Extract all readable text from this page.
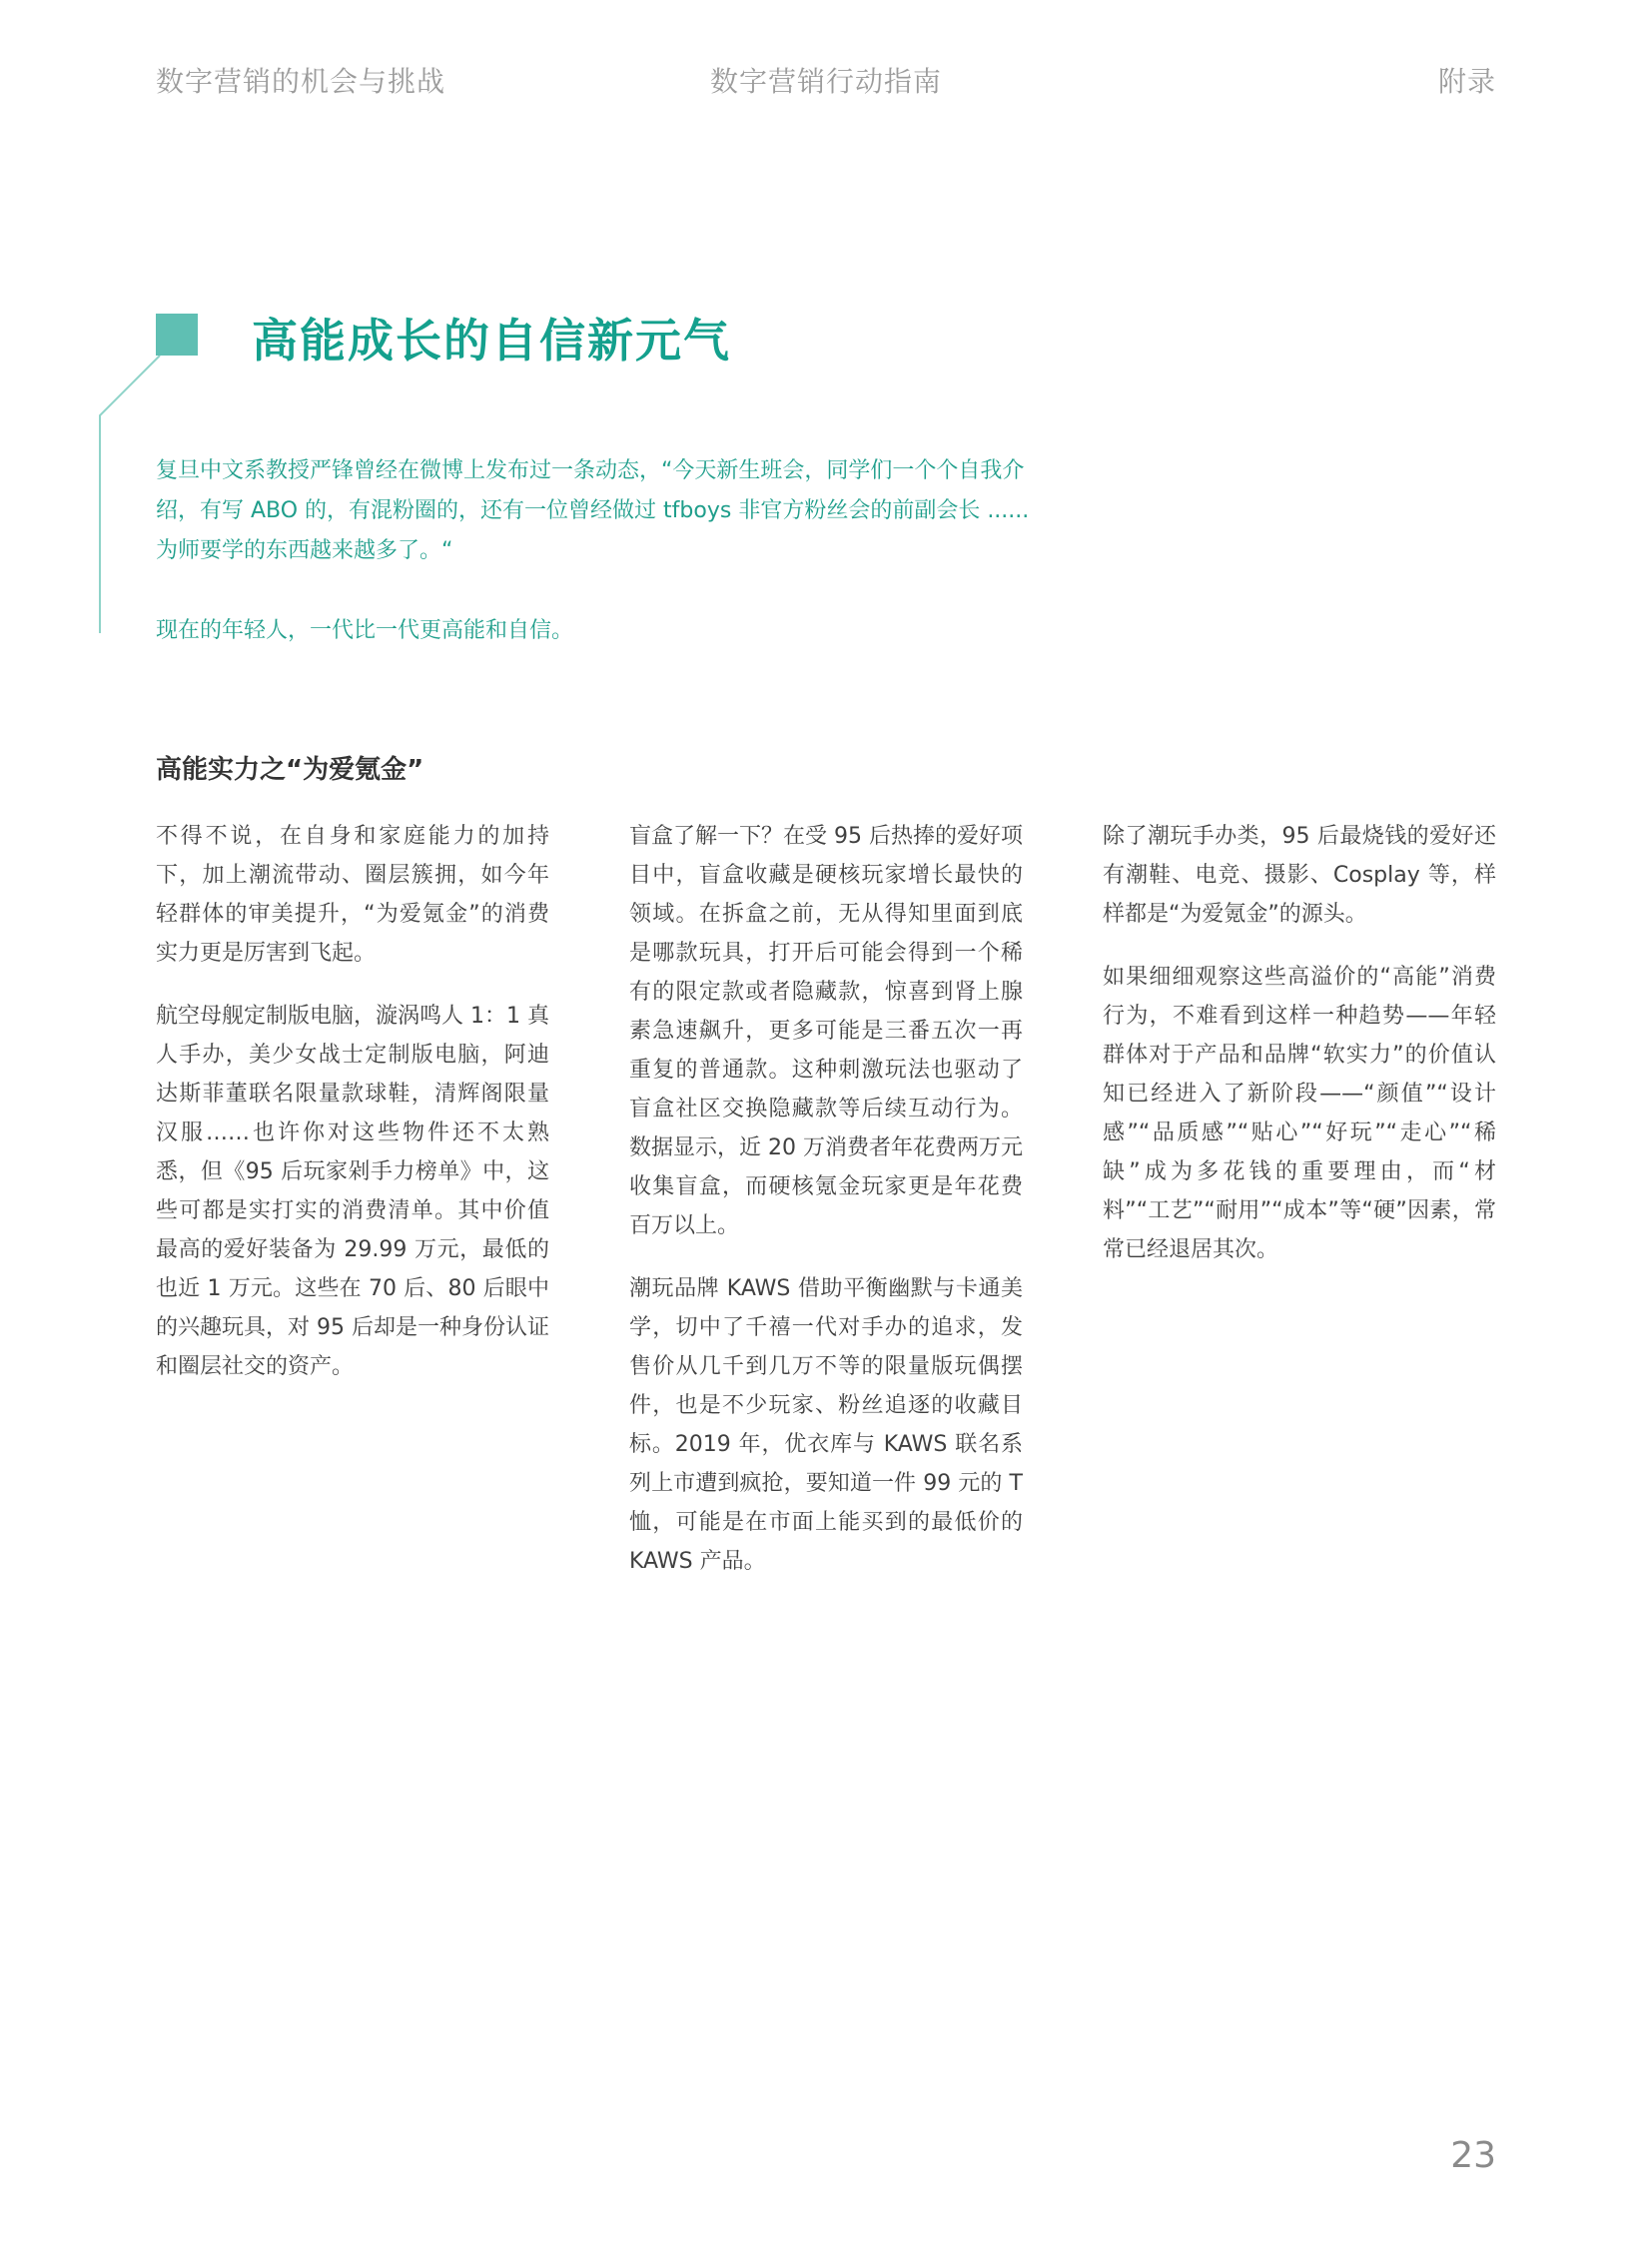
数字营销的机会与挑战	数字营销行动指南	附录
高能成长的自信新元气

复旦中文系教授严锋曾经在微博上发布过一条动态，“今天新生班会，同学们一个个自我介绍，有写 ABO 的，有混粉圈的，还有一位曾经做过 tfboys 非官方粉丝会的前副会长 ...... 为师要学的东西越来越多了。“

现在的年轻人，一代比一代更高能和自信。

高能实力之“为爱氪金”

不得不说，在自身和家庭能力的加持下，加上潮流带动、圈层簇拥，如今年轻群体的审美提升，“为爱氪金”的消费实力更是厉害到飞起。

航空母舰定制版电脑，漩涡鸣人 1：1 真人手办，美少女战士定制版电脑，阿迪达斯菲董联名限量款球鞋，清辉阁限量汉服……也许你对这些物件还不太熟悉，但《95 后玩家剁手力榜单》中，这些可都是实打实的消费清单。其中价值最高的爱好装备为 29.99 万元，最低的也近 1 万元。这些在 70 后、80 后眼中的兴趣玩具，对 95 后却是一种身份认证和圈层社交的资产。

盲盒了解一下？在受 95 后热捧的爱好项目中，盲盒收藏是硬核玩家增长最快的领域。在拆盒之前，无从得知里面到底是哪款玩具，打开后可能会得到一个稀有的限定款或者隐藏款，惊喜到肾上腺素急速飙升，更多可能是三番五次一再重复的普通款。这种刺激玩法也驱动了盲盒社区交换隐藏款等后续互动行为。数据显示，近 20 万消费者年花费两万元收集盲盒，而硬核氪金玩家更是年花费百万以上。

潮玩品牌 KAWS 借助平衡幽默与卡通美学，切中了千禧一代对手办的追求，发售价从几千到几万不等的限量版玩偶摆件，也是不少玩家、粉丝追逐的收藏目标。2019 年，优衣库与 KAWS 联名系列上市遭到疯抢，要知道一件 99 元的 T 恤，可能是在市面上能买到的最低价的 KAWS 产品。

除了潮玩手办类，95 后最烧钱的爱好还有潮鞋、电竞、摄影、Cosplay 等，样样都是“为爱氪金”的源头。

如果细细观察这些高溢价的“高能”消费行为，不难看到这样一种趋势——年轻群体对于产品和品牌“软实力”的价值认知已经进入了新阶段——“颜值”“设计感”“品质感”“贴心”“好玩”“走心”“稀缺”成为多花钱的重要理由，而“材料”“工艺”“耐用”“成本”等“硬”因素，常常已经退居其次。

23
